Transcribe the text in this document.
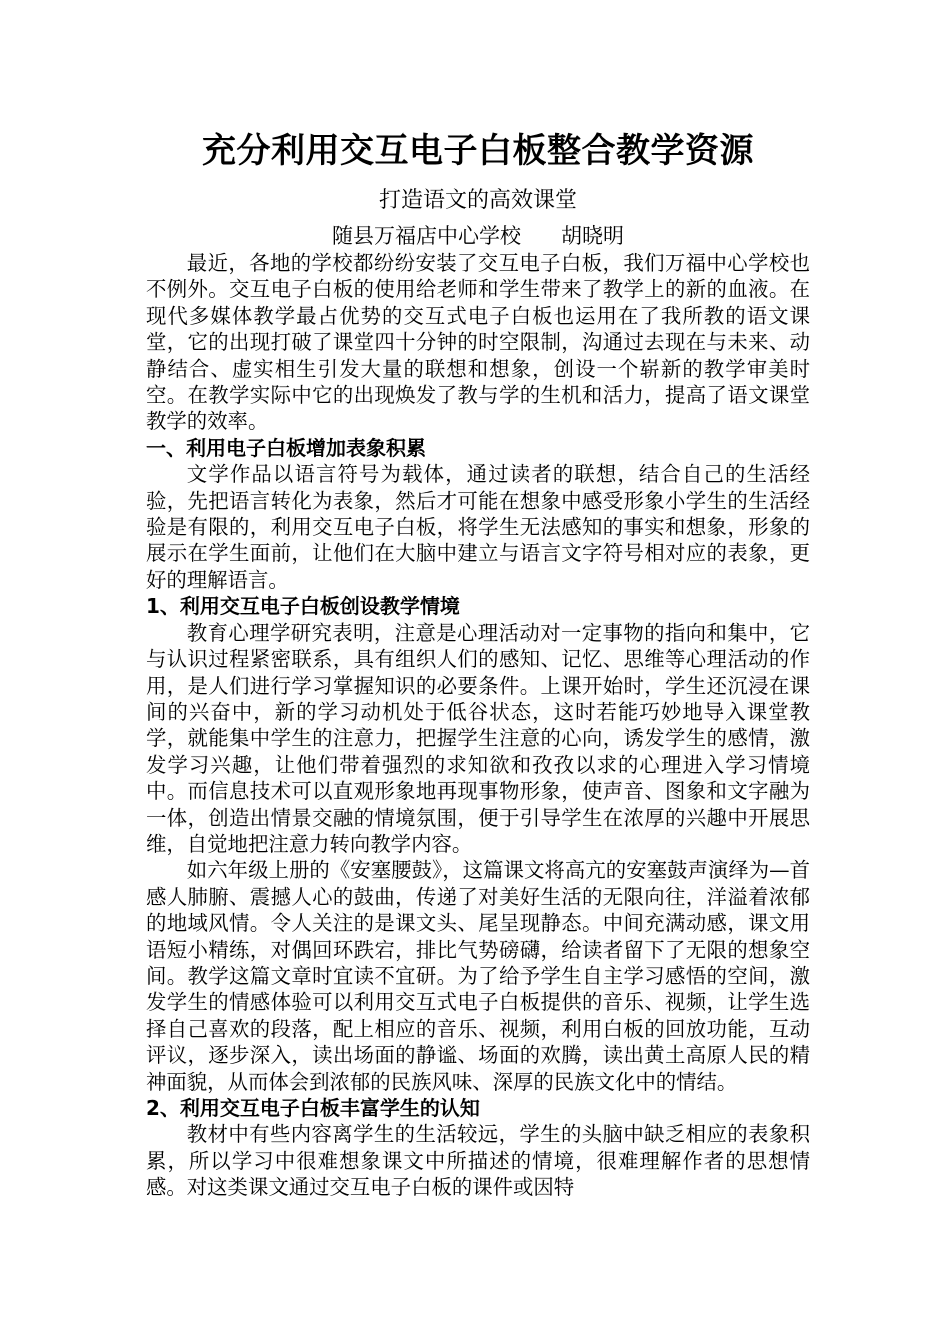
充分利用交互电子白板整合教学资源

打造语文的高效课堂

随县万福店中心学校 胡晓明

最近，各地的学校都纷纷安装了交互电子白板，我们万福中心学校也不例外。交互电子白板的使用给老师和学生带来了教学上的新的血液。在现代多媒体教学最占优势的交互式电子白板也运用在了我所教的语文课堂，它的出现打破了课堂四十分钟的时空限制，沟通过去现在与未来、动静结合、虚实相生引发大量的联想和想象，创设一个崭新的教学审美时空。在教学实际中它的出现焕发了教与学的生机和活力，提高了语文课堂教学的效率。

一、利用电子白板增加表象积累

文学作品以语言符号为载体，通过读者的联想，结合自己的生活经验，先把语言转化为表象，然后才可能在想象中感受形象小学生的生活经验是有限的，利用交互电子白板，将学生无法感知的事实和想象，形象的展示在学生面前，让他们在大脑中建立与语言文字符号相对应的表象，更好的理解语言。

1、利用交互电子白板创设教学情境

教育心理学研究表明，注意是心理活动对一定事物的指向和集中，它与认识过程紧密联系，具有组织人们的感知、记忆、思维等心理活动的作用，是人们进行学习掌握知识的必要条件。上课开始时，学生还沉浸在课间的兴奋中，新的学习动机处于低谷状态，这时若能巧妙地导入课堂教学，就能集中学生的注意力，把握学生注意的心向，诱发学生的感情，激发学习兴趣，让他们带着强烈的求知欲和孜孜以求的心理进入学习情境中。而信息技术可以直观形象地再现事物形象，使声音、图象和文字融为一体，创造出情景交融的情境氛围，便于引导学生在浓厚的兴趣中开展思维，自觉地把注意力转向教学内容。

如六年级上册的《安塞腰鼓》，这篇课文将高亢的安塞鼓声演绎为—首感人肺腑、震撼人心的鼓曲，传递了对美好生活的无限向往，洋溢着浓郁的地域风情。令人关注的是课文头、尾呈现静态。中间充满动感，课文用语短小精练，对偶回环跌宕，排比气势磅礴，给读者留下了无限的想象空间。教学这篇文章时宜读不宜研。为了给予学生自主学习感悟的空间，激发学生的情感体验可以利用交互式电子白板提供的音乐、视频，让学生选择自己喜欢的段落，配上相应的音乐、视频，利用白板的回放功能，互动评议，逐步深入，读出场面的静谧、场面的欢腾，读出黄土高原人民的精神面貌，从而体会到浓郁的民族风味、深厚的民族文化中的情结。

2、利用交互电子白板丰富学生的认知

教材中有些内容离学生的生活较远，学生的头脑中缺乏相应的表象积累，所以学习中很难想象课文中所描述的情境，很难理解作者的思想情感。对这类课文通过交互电子白板的课件或因特
